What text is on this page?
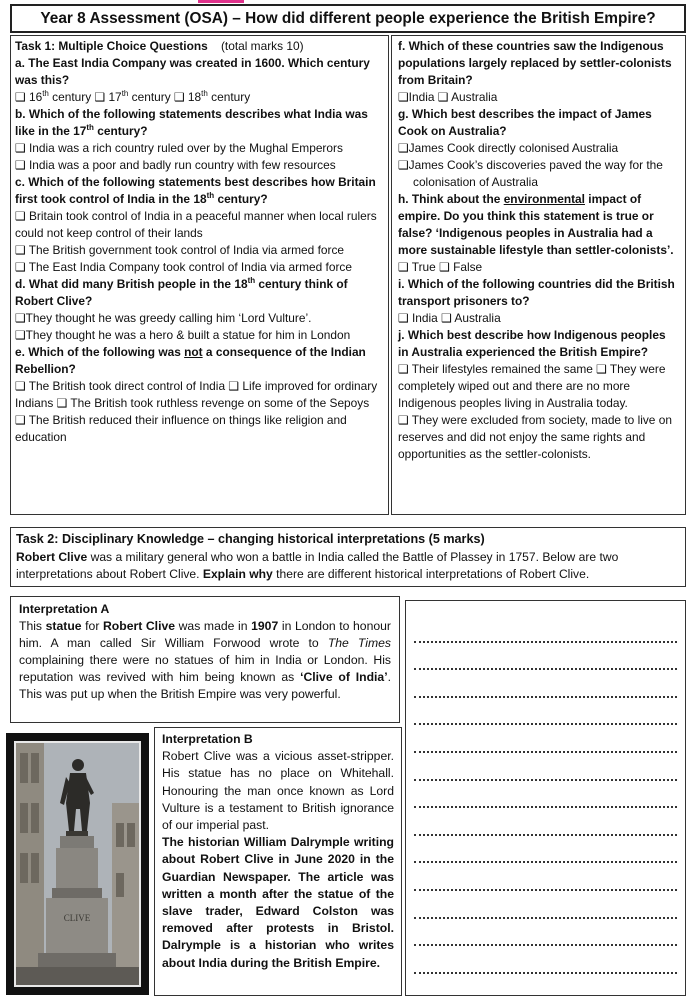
Year 8 Assessment (OSA) – How did different people experience the British Empire?
Task 1: Multiple Choice Questions (total marks 10)
a. The East India Company was created in 1600. Which century was this?
❑ 16th century ❑ 17th century ❑ 18th century
b. Which of the following statements describes what India was like in the 17th century?
❑ India was a rich country ruled over by the Mughal Emperors
❑ India was a poor and badly run country with few resources
c. Which of the following statements best describes how Britain first took control of India in the 18th century?
❑ Britain took control of India in a peaceful manner when local rulers could not keep control of their lands
❑ The British government took control of India via armed force
❑ The East India Company took control of India via armed force
d. What did many British people in the 18th century think of Robert Clive?
❑They thought he was greedy calling him ‘Lord Vulture’.
❑They thought he was a hero & built a statue for him in London
e. Which of the following was not a consequence of the Indian Rebellion?
❑ The British took direct control of India ❑ Life improved for ordinary Indians ❑ The British took ruthless revenge on some of the Sepoys
❑ The British reduced their influence on things like religion and education
f. Which of these countries saw the Indigenous populations largely replaced by settler-colonists from Britain?
❑India ❑ Australia
g. Which best describes the impact of James Cook on Australia?
❑James Cook directly colonised Australia
❑James Cook’s discoveries paved the way for the colonisation of Australia
h. Think about the environmental impact of empire. Do you think this statement is true or false? ‘Indigenous peoples in Australia had a more sustainable lifestyle than settler-colonists’.
❑ True ❑ False
i. Which of the following countries did the British transport prisoners to?
❑ India ❑ Australia
j. Which best describe how Indigenous peoples in Australia experienced the British Empire?
❑ Their lifestyles remained the same ❑ They were completely wiped out and there are no more Indigenous peoples living in Australia today.
❑ They were excluded from society, made to live on reserves and did not enjoy the same rights and opportunities as the settler-colonists.
Task 2: Disciplinary Knowledge – changing historical interpretations (5 marks)
Robert Clive was a military general who won a battle in India called the Battle of Plassey in 1757. Below are two interpretations about Robert Clive. Explain why there are different historical interpretations of Robert Clive.
Interpretation A
This statue for Robert Clive was made in 1907 in London to honour him. A man called Sir William Forwood wrote to The Times complaining there were no statues of him in India or London. His reputation was revived with him being known as ‘Clive of India’. This was put up when the British Empire was very powerful.
CLIVE
Interpretation B
Robert Clive was a vicious asset-stripper. His statue has no place on Whitehall. Honouring the man once known as Lord Vulture is a testament to British ignorance of our imperial past.
The historian William Dalrymple writing about Robert Clive in June 2020 in the Guardian Newspaper. The article was written a month after the statue of the slave trader, Edward Colston was removed after protests in Bristol. Dalrymple is a historian who writes about India during the British Empire.
